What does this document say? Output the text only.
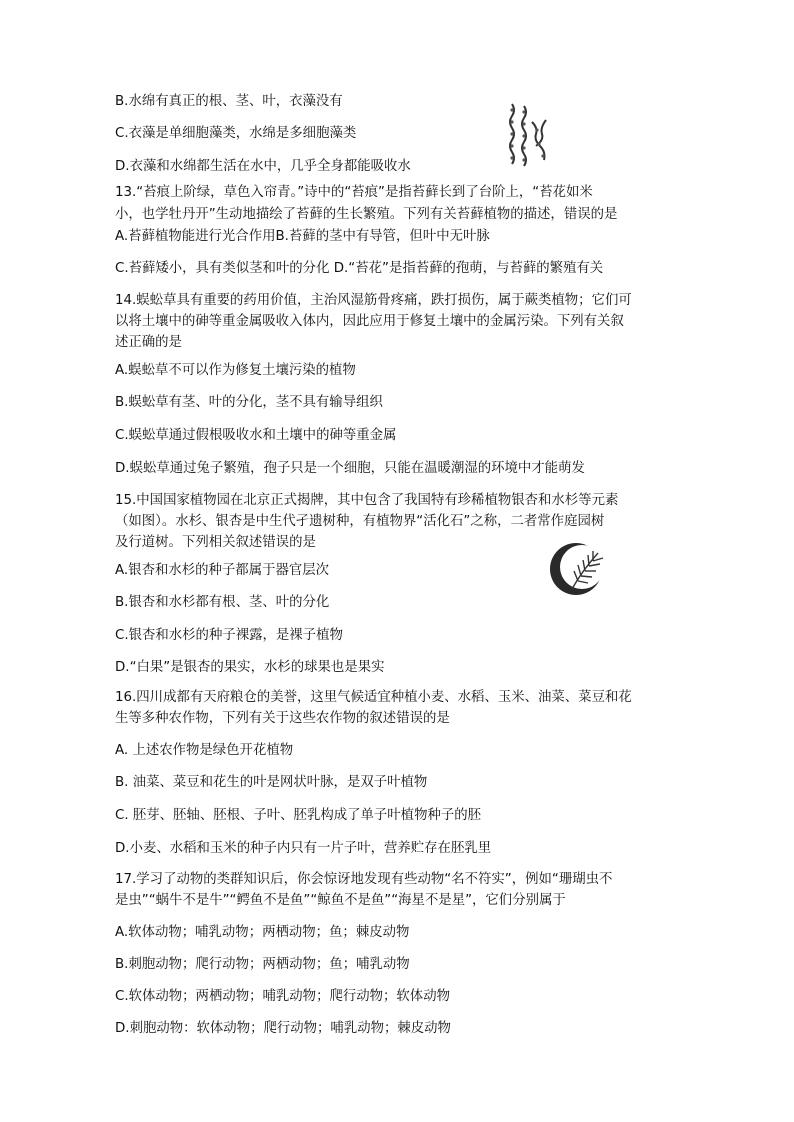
B.水绵有真正的根、茎、叶，衣藻没有
C.衣藻是单细胞藻类，水绵是多细胞藻类
D.衣藻和水绵都生活在水中，几乎全身都能吸收水
13.“苔痕上阶绿，草色入帘青。”诗中的“苔痕”是指苔藓长到了台阶上，“苔花如米
小，也学牡丹开”生动地描绘了苔藓的生长繁殖。下列有关苔藓植物的描述，错误的是
A.苔藓植物能进行光合作用B.苔藓的茎中有导管，但叶中无叶脉
C.苔藓矮小，具有类似茎和叶的分化 D.“苔花”是指苔藓的孢萌，与苔藓的繁殖有关
14.蜈蚣草具有重要的药用价值，主治风湿筋骨疼痛，跌打损伤，属于蕨类植物；它们可
以将土壤中的砷等重金属吸收入体内，因此应用于修复土壤中的金属污染。下列有关叙
述正确的是
A.蜈蚣草不可以作为修复土壤污染的植物
B.蜈蚣草有茎、叶的分化，茎不具有输导组织
C.蜈蚣草通过假根吸收水和土壤中的砷等重金属
D.蜈蚣草通过兔子繁殖，孢子只是一个细胞，只能在温暖潮湿的环境中才能萌发
15.中国国家植物园在北京正式揭牌，其中包含了我国特有珍稀植物银杏和水杉等元素
（如图）。水杉、银杏是中生代孑遗树种，有植物界“活化石”之称，二者常作庭园树
及行道树。下列相关叙述错误的是
A.银杏和水杉的种子都属于器官层次
B.银杏和水杉都有根、茎、叶的分化
C.银杏和水杉的种子裸露，是裸子植物
D.“白果”是银杏的果实，水杉的球果也是果实
16.四川成都有天府粮仓的美誉，这里气候适宜种植小麦、水稻、玉米、油菜、菜豆和花
生等多种农作物，下列有关于这些农作物的叙述错误的是
A. 上述农作物是绿色开花植物
B. 油菜、菜豆和花生的叶是网状叶脉，是双子叶植物
C. 胚芽、胚轴、胚根、子叶、胚乳构成了单子叶植物种子的胚
D.小麦、水稻和玉米的种子内只有一片子叶，营养贮存在胚乳里
17.学习了动物的类群知识后，你会惊讶地发现有些动物“名不符实”，例如“珊瑚虫不
是虫”“蜗牛不是牛”“鳄鱼不是鱼”“鲸鱼不是鱼”“海星不是星”，它们分别属于
A.软体动物；哺乳动物；两栖动物；鱼；棘皮动物
B.刺胞动物；爬行动物；两栖动物；鱼；哺乳动物
C.软体动物；两栖动物；哺乳动物；爬行动物；软体动物
D.刺胞动物：软体动物；爬行动物；哺乳动物；棘皮动物
